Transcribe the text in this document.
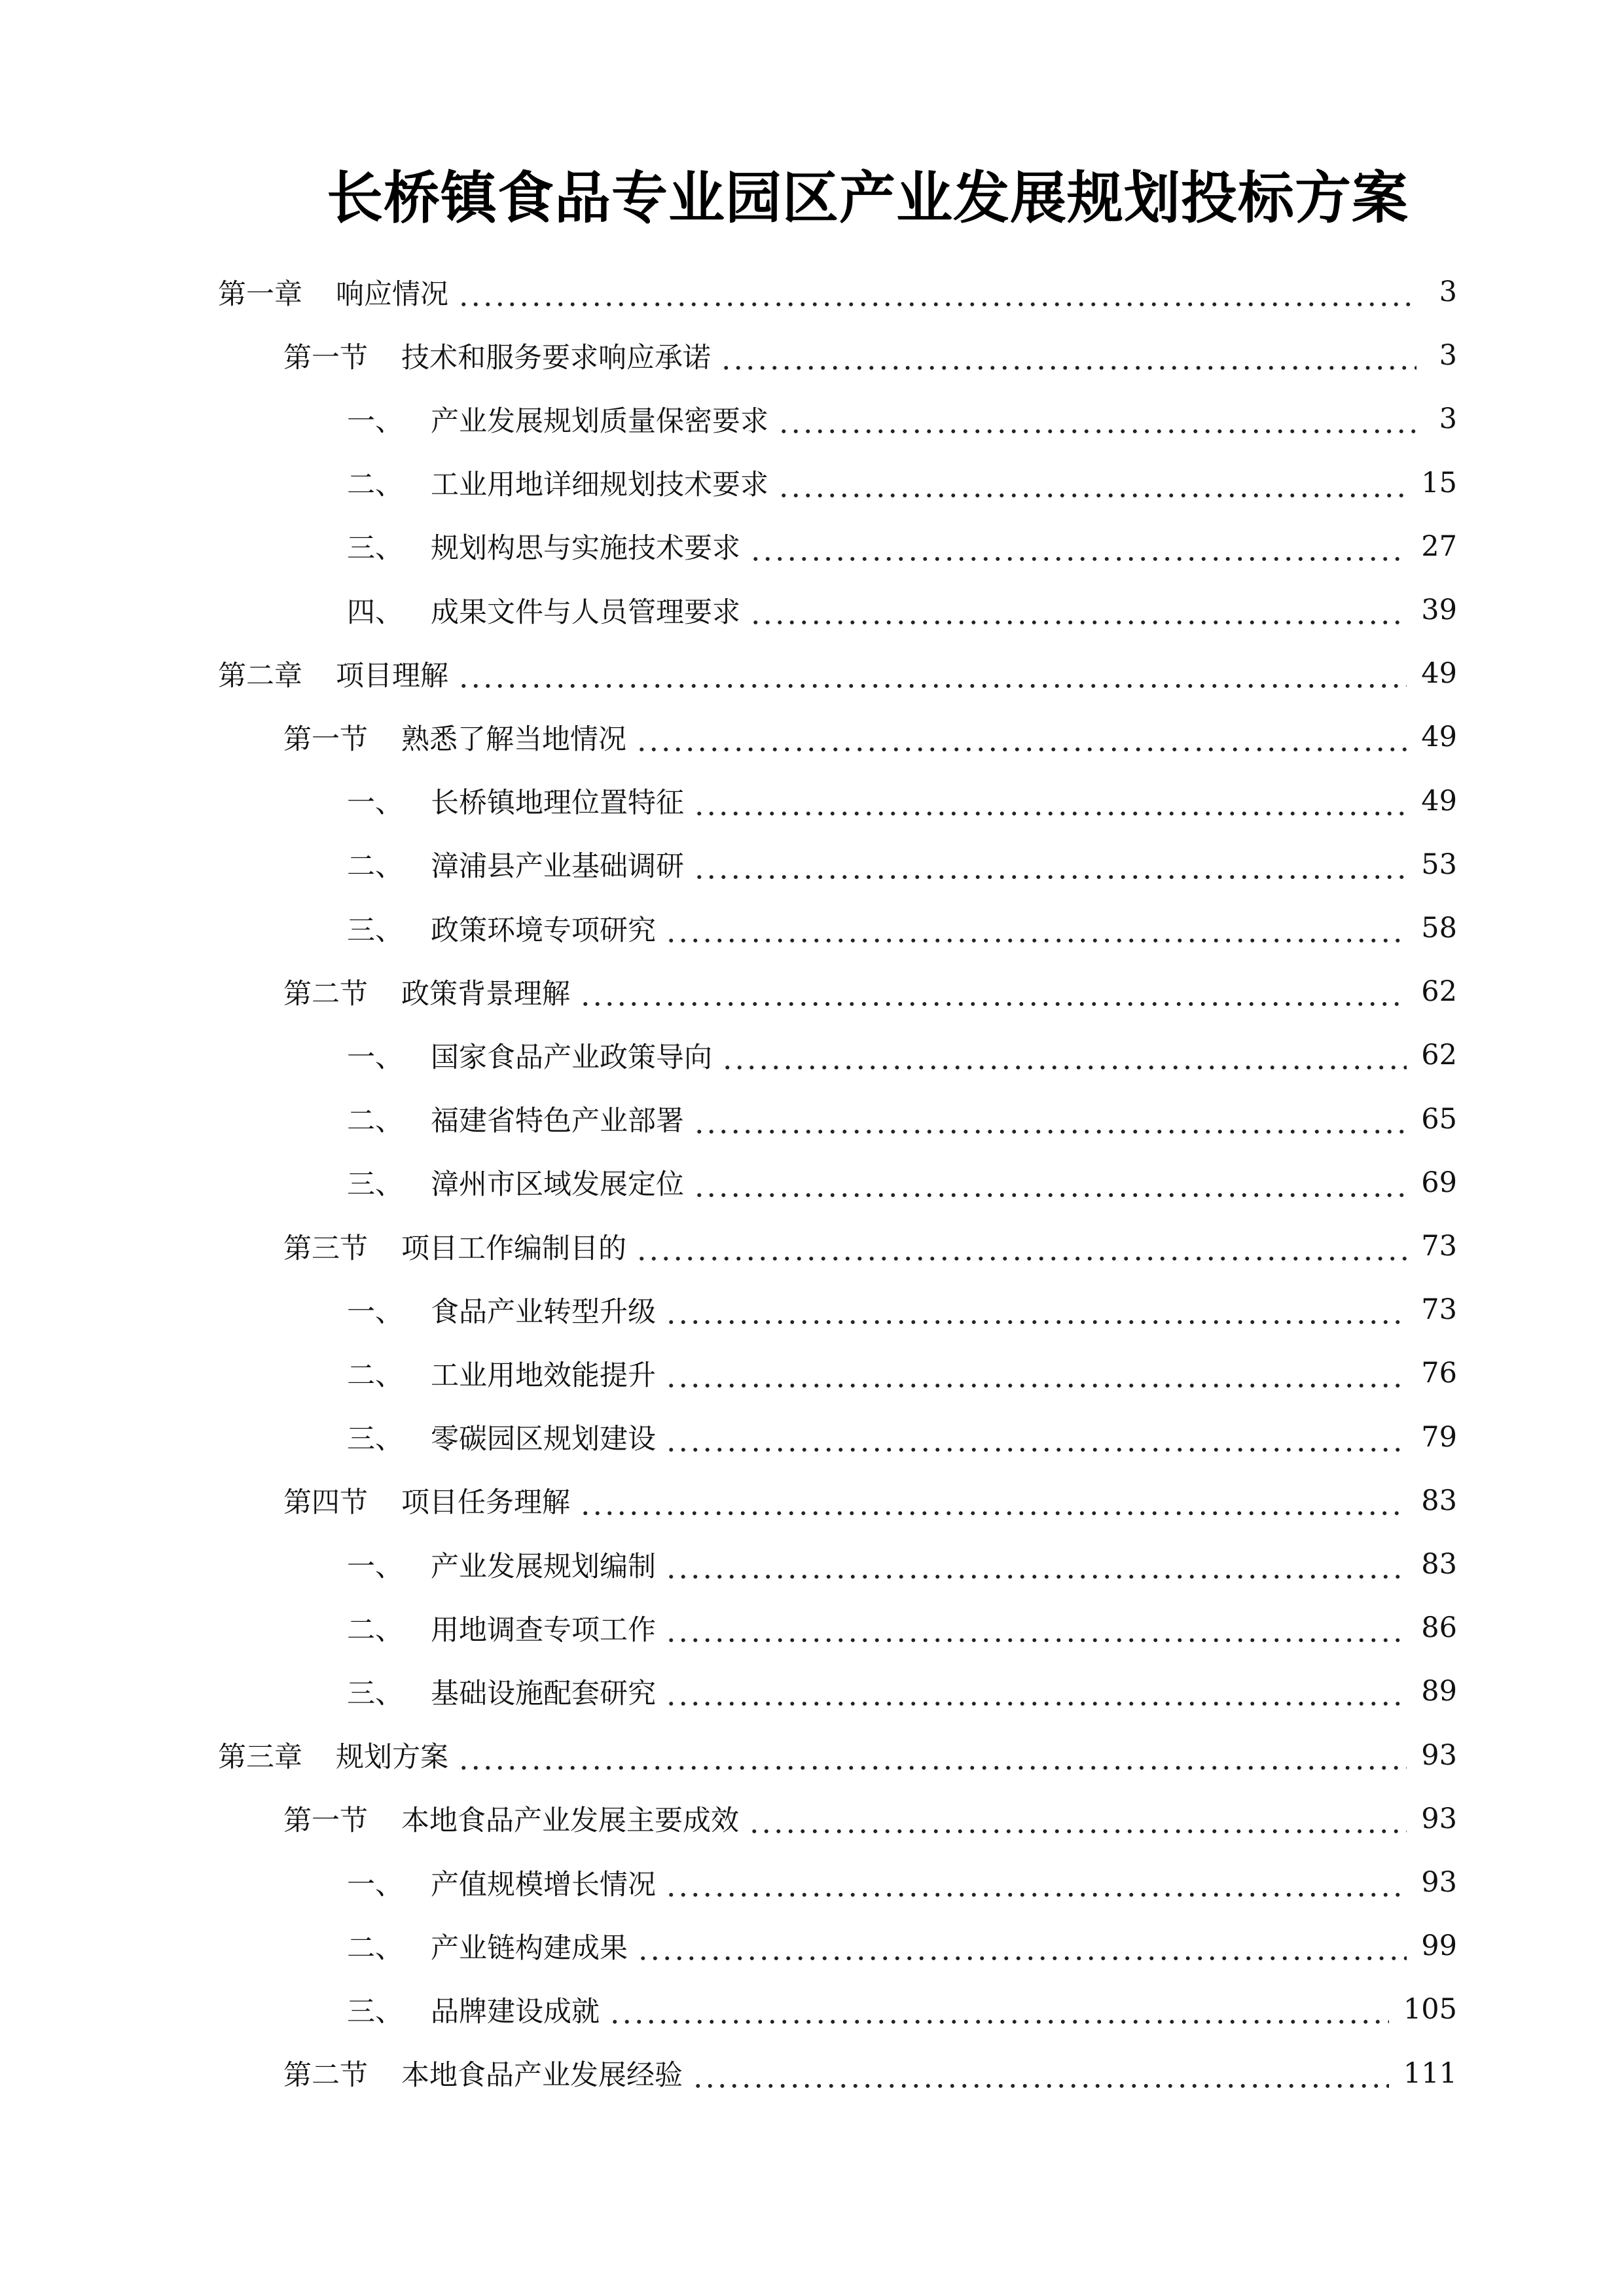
长桥镇食品专业园区产业发展规划投标方案
第一章	响应情况	3
第一节	技术和服务要求响应承诺	3
一、 产业发展规划质量保密要求	3
二、 工业用地详细规划技术要求	15
三、 规划构思与实施技术要求	27
四、 成果文件与人员管理要求	39
第二章	项目理解	49
第一节	熟悉了解当地情况	49
一、 长桥镇地理位置特征	49
二、 漳浦县产业基础调研	53
三、 政策环境专项研究	58
第二节	政策背景理解	62
一、 国家食品产业政策导向	62
二、 福建省特色产业部署	65
三、 漳州市区域发展定位	69
第三节	项目工作编制目的	73
一、 食品产业转型升级	73
二、 工业用地效能提升	76
三、 零碳园区规划建设	79
第四节	项目任务理解	83
一、 产业发展规划编制	83
二、 用地调查专项工作	86
三、 基础设施配套研究	89
第三章	规划方案	93
第一节	本地食品产业发展主要成效	93
一、 产值规模增长情况	93
二、 产业链构建成果	99
三、 品牌建设成就	105
第二节	本地食品产业发展经验	111
